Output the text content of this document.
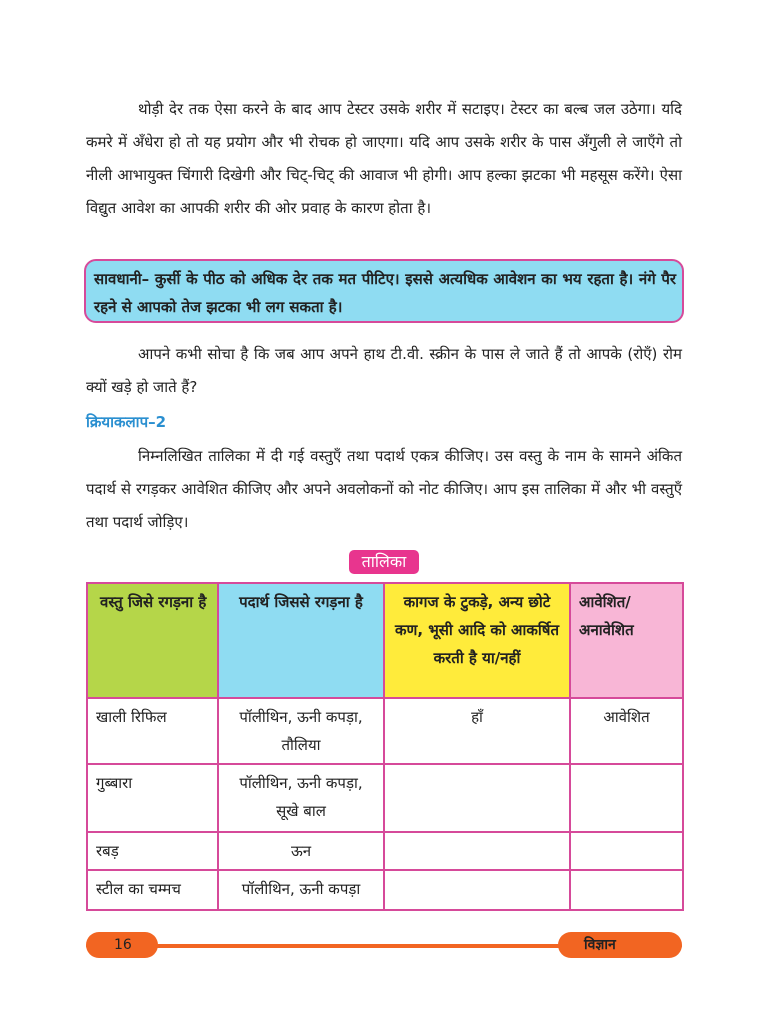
थोड़ी देर तक ऐसा करने के बाद आप टेस्टर उसके शरीर में सटाइए। टेस्टर का बल्ब जल उठेगा। यदि कमरे में अँधेरा हो तो यह प्रयोग और भी रोचक हो जाएगा। यदि आप उसके शरीर के पास अँगुली ले जाएँगे तो नीली आभायुक्त चिंगारी दिखेगी और चिट्-चिट् की आवाज भी होगी। आप हल्का झटका भी महसूस करेंगे। ऐसा विद्युत आवेश का आपकी शरीर की ओर प्रवाह के कारण होता है।

सावधानी– कुर्सी के पीठ को अधिक देर तक मत पीटिए। इससे अत्यधिक आवेशन का भय रहता है। नंगे पैर रहने से आपको तेज झटका भी लग सकता है।

आपने कभी सोचा है कि जब आप अपने हाथ टी.वी. स्क्रीन के पास ले जाते हैं तो आपके (रोएँ) रोम क्यों खड़े हो जाते हैं?

क्रियाकलाप–2

निम्नलिखित तालिका में दी गई वस्तुएँ तथा पदार्थ एकत्र कीजिए। उस वस्तु के नाम के सामने अंकित पदार्थ से रगड़कर आवेशित कीजिए और अपने अवलोकनों को नोट कीजिए। आप इस तालिका में और भी वस्तुएँ तथा पदार्थ जोड़िए।

तालिका
वस्तु जिसे रगड़ना है	पदार्थ जिससे रगड़ना है	कागज के टुकड़े, अन्य छोटे कण, भूसी आदि को आकर्षित करती है या/नहीं	आवेशित/ अनावेशित
खाली रिफिल	पॉलीथिन, ऊनी कपड़ा, तौलिया	हाँ	आवेशित
गुब्बारा	पॉलीथिन, ऊनी कपड़ा, सूखे बाल		
रबड़	ऊन		
स्टील का चम्मच	पॉलीथिन, ऊनी कपड़ा		
16	विज्ञान
